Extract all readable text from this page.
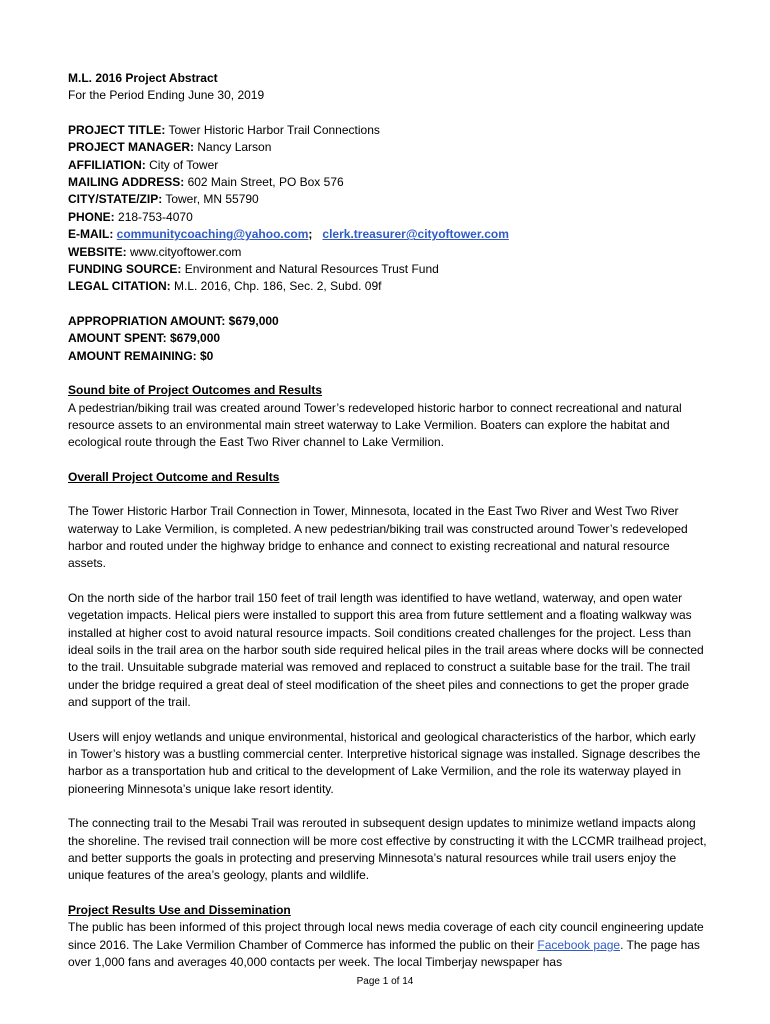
M.L. 2016 Project Abstract

For the Period Ending June 30, 2019

PROJECT TITLE: Tower Historic Harbor Trail Connections

PROJECT MANAGER: Nancy Larson

AFFILIATION: City of Tower

MAILING ADDRESS: 602 Main Street, PO Box 576

CITY/STATE/ZIP: Tower, MN 55790

PHONE: 218-753-4070

E-MAIL: communitycoaching@yahoo.com; clerk.treasurer@cityoftower.com

WEBSITE: www.cityoftower.com

FUNDING SOURCE: Environment and Natural Resources Trust Fund

LEGAL CITATION: M.L. 2016, Chp. 186, Sec. 2, Subd. 09f

APPROPRIATION AMOUNT: $679,000

AMOUNT SPENT: $679,000

AMOUNT REMAINING: $0

Sound bite of Project Outcomes and Results

A pedestrian/biking trail was created around Tower’s redeveloped historic harbor to connect recreational and natural resource assets to an environmental main street waterway to Lake Vermilion. Boaters can explore the habitat and ecological route through the East Two River channel to Lake Vermilion.

Overall Project Outcome and Results

The Tower Historic Harbor Trail Connection in Tower, Minnesota, located in the East Two River and West Two River waterway to Lake Vermilion, is completed. A new pedestrian/biking trail was constructed around Tower’s redeveloped harbor and routed under the highway bridge to enhance and connect to existing recreational and natural resource assets.

On the north side of the harbor trail 150 feet of trail length was identified to have wetland, waterway, and open water vegetation impacts. Helical piers were installed to support this area from future settlement and a floating walkway was installed at higher cost to avoid natural resource impacts. Soil conditions created challenges for the project. Less than ideal soils in the trail area on the harbor south side required helical piles in the trail areas where docks will be connected to the trail. Unsuitable subgrade material was removed and replaced to construct a suitable base for the trail. The trail under the bridge required a great deal of steel modification of the sheet piles and connections to get the proper grade and support of the trail.

Users will enjoy wetlands and unique environmental, historical and geological characteristics of the harbor, which early in Tower’s history was a bustling commercial center. Interpretive historical signage was installed. Signage describes the harbor as a transportation hub and critical to the development of Lake Vermilion, and the role its waterway played in pioneering Minnesota’s unique lake resort identity.

The connecting trail to the Mesabi Trail was rerouted in subsequent design updates to minimize wetland impacts along the shoreline. The revised trail connection will be more cost effective by constructing it with the LCCMR trailhead project, and better supports the goals in protecting and preserving Minnesota’s natural resources while trail users enjoy the unique features of the area’s geology, plants and wildlife.

Project Results Use and Dissemination

The public has been informed of this project through local news media coverage of each city council engineering update since 2016. The Lake Vermilion Chamber of Commerce has informed the public on their Facebook page. The page has over 1,000 fans and averages 40,000 contacts per week. The local Timberjay newspaper has

Page 1 of 14
